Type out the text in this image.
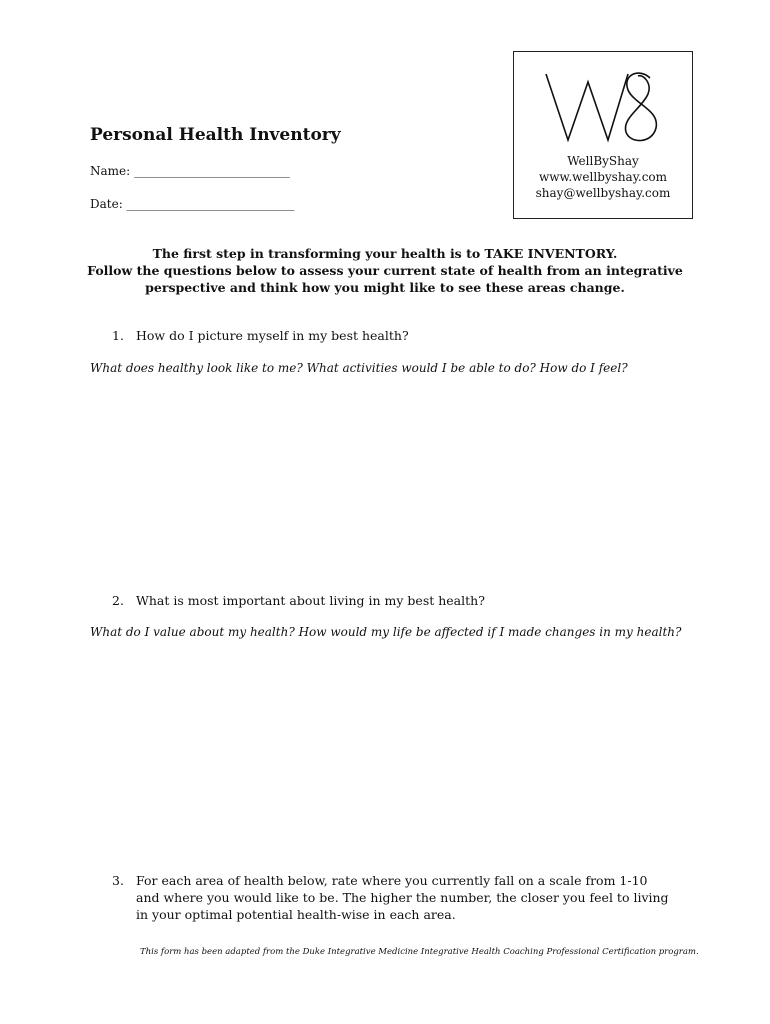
Personal Health Inventory
Name: __________________________
Date: ____________________________
WellByShay
www.wellbyshay.com
shay@wellbyshay.com
The first step in transforming your health is to TAKE INVENTORY.
Follow the questions below to assess your current state of health from an integrative
perspective and think how you might like to see these areas change.
1. How do I picture myself in my best health?
What does healthy look like to me? What activities would I be able to do? How do I feel?
2. What is most important about living in my best health?
What do I value about my health? How would my life be affected if I made changes in my health?
3. For each area of health below, rate where you currently fall on a scale from 1-10 and where you would like to be. The higher the number, the closer you feel to living in your optimal potential health-wise in each area.
This form has been adapted from the Duke Integrative Medicine Integrative Health Coaching Professional Certification program.
